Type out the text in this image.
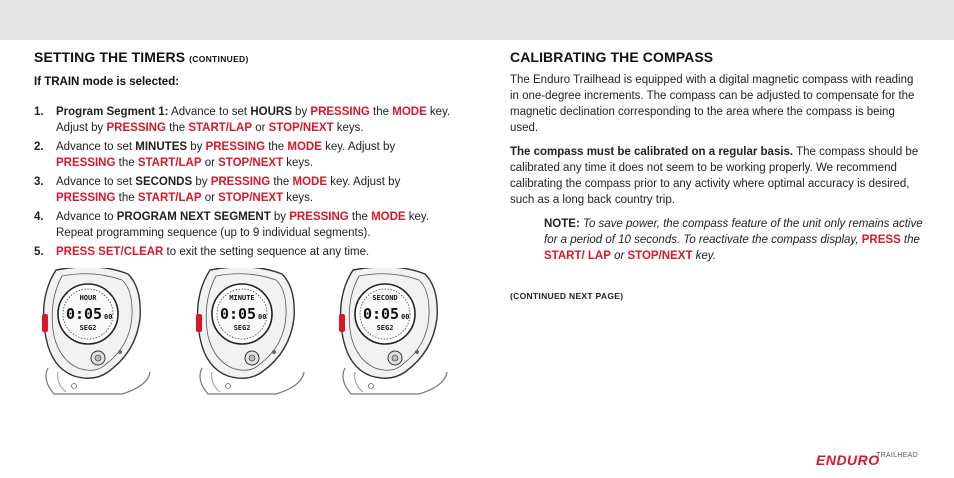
SETTING THE TIMERS (CONTINUED)
If TRAIN mode is selected:
1. Program Segment 1: Advance to set HOURS by PRESSING the MODE key. Adjust by PRESSING the START/LAP or STOP/NEXT keys.
2. Advance to set MINUTES by PRESSING the MODE key. Adjust by PRESSING the START/LAP or STOP/NEXT keys.
3. Advance to set SECONDS by PRESSING the MODE key. Adjust by PRESSING the START/LAP or STOP/NEXT keys.
4. Advance to PROGRAM NEXT SEGMENT by PRESSING the MODE key. Repeat programming sequence (up to 9 individual segments).
5. PRESS SET/CLEAR to exit the setting sequence at any time.
CALIBRATING THE COMPASS

The Enduro Trailhead is equipped with a digital magnetic compass with reading in one-degree increments. The compass can be adjusted to compensate for the magnetic declination corresponding to the area where the compass is being used.

The compass must be calibrated on a regular basis. The compass should be calibrated any time it does not seem to be working properly. We recommend calibrating the compass prior to any activity where optimal accuracy is desired, such as a long back country trip.

NOTE: To save power, the compass feature of the unit only remains active for a period of 10 seconds. To reactivate the compass display, PRESS the START/ LAP or STOP/NEXT key.

(CONTINUED NEXT PAGE)
HOUR
0:05 00
SEG2
MINUTE
0:05 00
SEG2
SECOND
0:05 00
SEG2
ENDURO
TRAILHEAD
